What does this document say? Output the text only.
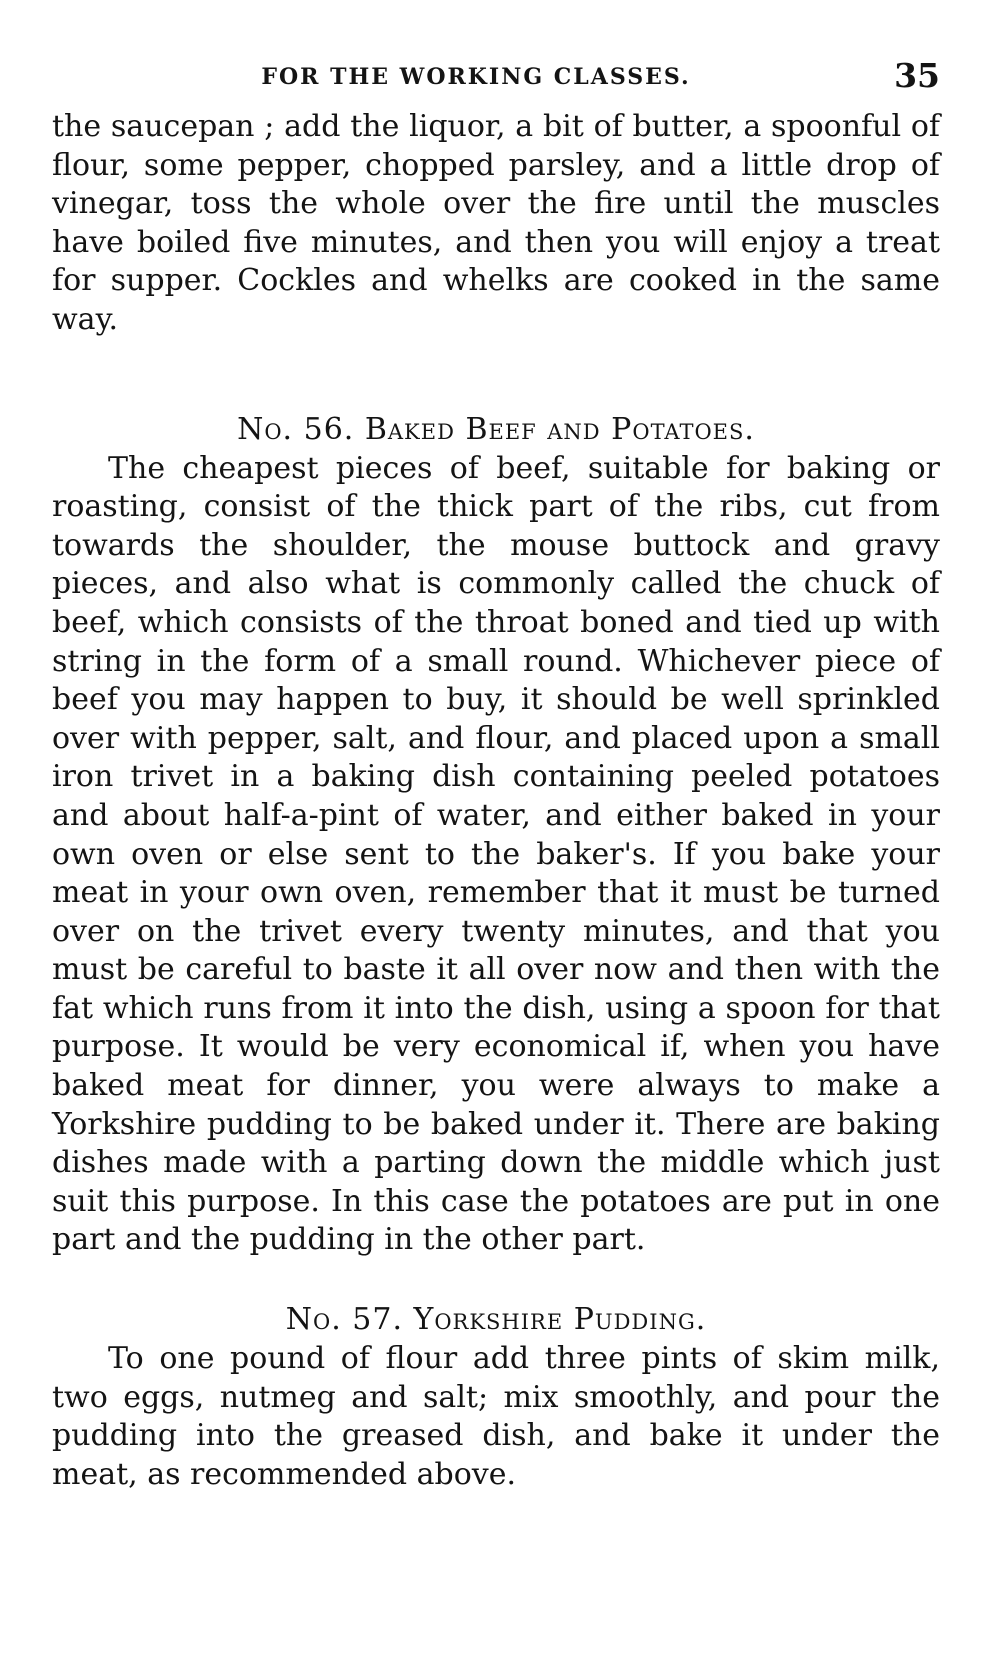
FOR THE WORKING CLASSES.	35

the saucepan ; add the liquor, a bit of butter, a spoonful of flour, some pepper, chopped parsley, and a little drop of vinegar, toss the whole over the fire until the muscles have boiled five minutes, and then you will enjoy a treat for supper. Cockles and whelks are cooked in the same way.

No. 56. Baked Beef and Potatoes.

The cheapest pieces of beef, suitable for baking or roasting, consist of the thick part of the ribs, cut from towards the shoulder, the mouse buttock and gravy pieces, and also what is commonly called the chuck of beef, which consists of the throat boned and tied up with string in the form of a small round. Whichever piece of beef you may happen to buy, it should be well sprinkled over with pepper, salt, and flour, and placed upon a small iron trivet in a baking dish containing peeled potatoes and about half-a-pint of water, and either baked in your own oven or else sent to the baker's. If you bake your meat in your own oven, remember that it must be turned over on the trivet every twenty minutes, and that you must be careful to baste it all over now and then with the fat which runs from it into the dish, using a spoon for that purpose. It would be very economical if, when you have baked meat for dinner, you were always to make a Yorkshire pudding to be baked under it. There are baking dishes made with a parting down the middle which just suit this purpose. In this case the potatoes are put in one part and the pudding in the other part.

No. 57. Yorkshire Pudding.

To one pound of flour add three pints of skim milk, two eggs, nutmeg and salt; mix smoothly, and pour the pudding into the greased dish, and bake it under the meat, as recommended above.
